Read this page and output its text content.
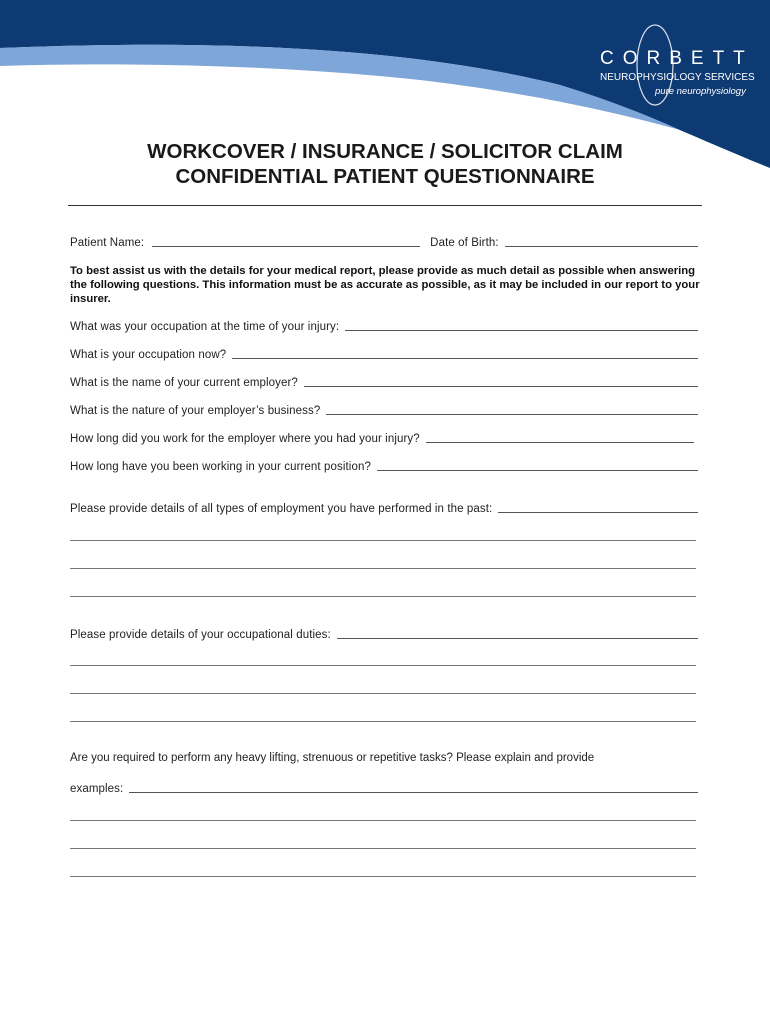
CORBETT
NEUROPHYSIOLOGY SERVICES
pure neurophysiology
WORKCOVER / INSURANCE / SOLICITOR CLAIM
CONFIDENTIAL PATIENT QUESTIONNAIRE
Patient Name:	Date of Birth:
To best assist us with the details for your medical report, please provide as much detail as possible when answering the following questions. This information must be as accurate as possible, as it may be included in our report to your insurer.
What was your occupation at the time of your injury:
What is your occupation now?
What is the name of your current employer?
What is the nature of your employer’s business?
How long did you work for the employer where you had your injury?
How long have you been working in your current position?
Please provide details of all types of employment you have performed in the past:
Please provide details of your occupational duties:
Are you required to perform any heavy lifting, strenuous or repetitive tasks? Please explain and provide
examples:
